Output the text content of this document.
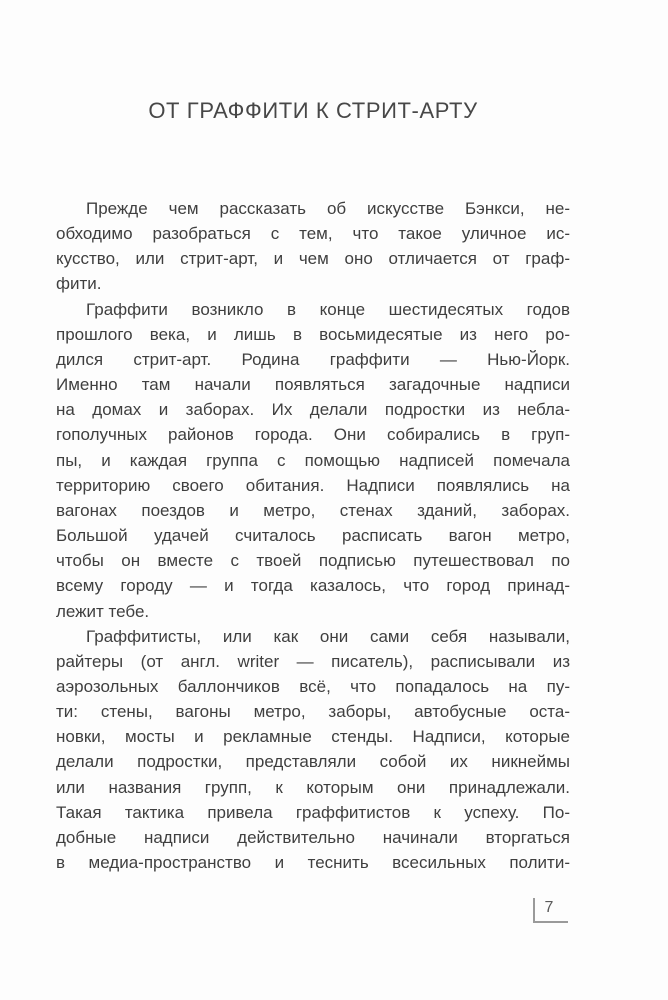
ОТ ГРАФФИТИ К СТРИТ-АРТУ
Прежде чем рассказать об искусстве Бэнкси, не-
обходимо разобраться с тем, что такое уличное ис-
кусство, или стрит-арт, и чем оно отличается от граф-
фити.
Граффити возникло в конце шестидесятых годов
прошлого века, и лишь в восьмидесятые из него ро-
дился стрит-арт. Родина граффити — Нью-Йорк.
Именно там начали появляться загадочные надписи
на домах и заборах. Их делали подростки из небла-
гополучных районов города. Они собирались в груп-
пы, и каждая группа с помощью надписей помечала
территорию своего обитания. Надписи появлялись на
вагонах поездов и метро, стенах зданий, заборах.
Большой удачей считалось расписать вагон метро,
чтобы он вместе с твоей подписью путешествовал по
всему городу — и тогда казалось, что город принад-
лежит тебе.
Граффитисты, или как они сами себя называли,
райтеры (от англ. writer — писатель), расписывали из
аэрозольных баллончиков всё, что попадалось на пу-
ти: стены, вагоны метро, заборы, автобусные оста-
новки, мосты и рекламные стенды. Надписи, которые
делали подростки, представляли собой их никнеймы
или названия групп, к которым они принадлежали.
Такая тактика привела граффитистов к успеху. По-
добные надписи действительно начинали вторгаться
в медиа-пространство и теснить всесильных полити-
7
